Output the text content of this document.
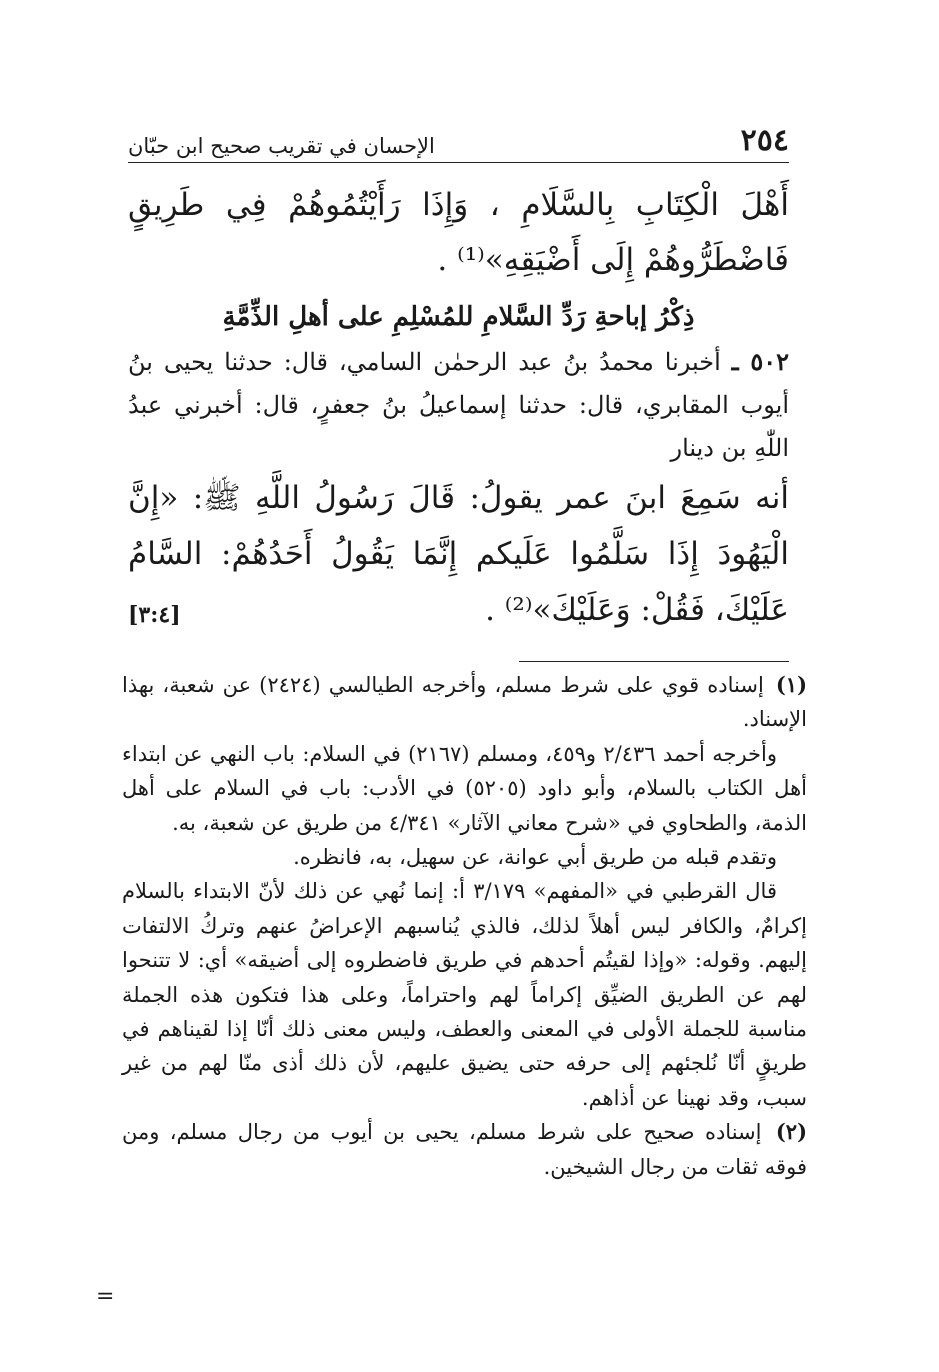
٢٥٤
الإحسان في تقريب صحيح ابن حبّان

أَهْلَ الْكِتَابِ بِالسَّلَامِ ، وَإِذَا رَأَيْتُمُوهُمْ فِي طَرِيقٍ فَاضْطَرُّوهُمْ إِلَى أَضْيَقِهِ»⁽¹⁾ .

ذِكْرُ إباحةِ رَدِّ السَّلامِ للمُسْلِمِ على أهلِ الذِّمَّةِ

٥٠٢ ـ أخبرنا محمدُ بنُ عبد الرحمٰن السامي، قال: حدثنا يحيى بنُ أيوب المقابري، قال: حدثنا إسماعيلُ بنُ جعفرٍ، قال: أخبرني عبدُ اللّٰهِ بن دينار

أنه سَمِعَ ابنَ عمر يقولُ: قَالَ رَسُولُ اللَّهِ ﷺ: «إِنَّ الْيَهُودَ إِذَا سَلَّمُوا عَلَيكم إِنَّمَا يَقُولُ أَحَدُهُمْ: السَّامُ عَلَيْكَ، فَقُلْ: وَعَلَيْكَ»⁽²⁾ .

[٣:٤]

(١) إسناده قوي على شرط مسلم، وأخرجه الطيالسي (٢٤٢٤) عن شعبة، بهذا الإسناد.

وأخرجه أحمد ٢/٤٣٦ و٤٥٩، ومسلم (٢١٦٧) في السلام: باب النهي عن ابتداء أهل الكتاب بالسلام، وأبو داود (٥٢٠٥) في الأدب: باب في السلام على أهل الذمة، والطحاوي في «شرح معاني الآثار» ٤/٣٤١ من طريق عن شعبة، به.

وتقدم قبله من طريق أبي عوانة، عن سهيل، به، فانظره.

قال القرطبي في «المفهم» ٣/١٧٩ أ: إنما نُهي عن ذلك لأنّ الابتداء بالسلام إكرامٌ، والكافر ليس أهلاً لذلك، فالذي يُناسبهم الإعراضُ عنهم وتركُ الالتفات إليهم. وقوله: «وإذا لقيتُم أحدهم في طريق فاضطروه إلى أضيقه» أي: لا تتنحوا لهم عن الطريق الضيِّق إكراماً لهم واحتراماً، وعلى هذا فتكون هذه الجملة مناسبة للجملة الأولى في المعنى والعطف، وليس معنى ذلك أنّا إذا لقيناهم في طريقٍ أنّا نُلجئهم إلى حرفه حتى يضيق عليهم، لأن ذلك أذى منّا لهم من غير سبب، وقد نهينا عن أذاهم.

(٢) إسناده صحيح على شرط مسلم، يحيى بن أيوب من رجال مسلم، ومن فوقه ثقات من رجال الشيخين.

=
